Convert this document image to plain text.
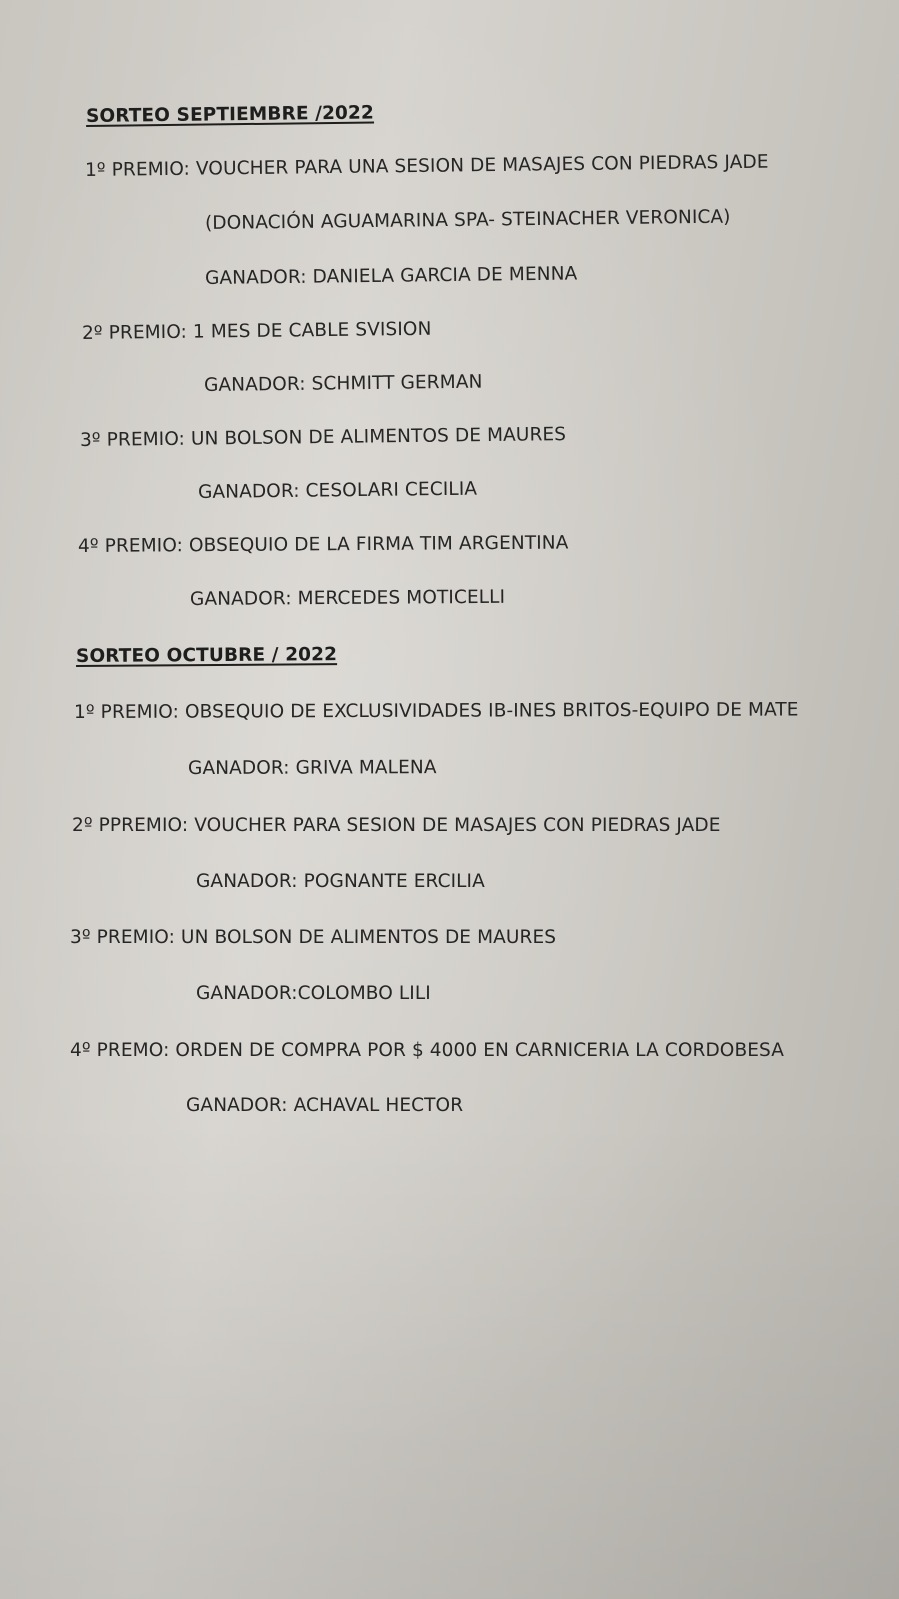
SORTEO SEPTIEMBRE /2022
1º PREMIO: VOUCHER PARA UNA SESION DE MASAJES CON PIEDRAS JADE
(DONACIÓN AGUAMARINA SPA- STEINACHER VERONICA)
GANADOR: DANIELA GARCIA DE MENNA
2º PREMIO: 1 MES DE CABLE SVISION
GANADOR: SCHMITT GERMAN
3º PREMIO: UN BOLSON DE ALIMENTOS DE MAURES
GANADOR: CESOLARI CECILIA
4º PREMIO: OBSEQUIO DE LA FIRMA TIM ARGENTINA
GANADOR: MERCEDES MOTICELLI
SORTEO OCTUBRE / 2022
1º PREMIO: OBSEQUIO DE EXCLUSIVIDADES IB-INES BRITOS-EQUIPO DE MATE
GANADOR: GRIVA MALENA
2º PPREMIO: VOUCHER PARA SESION DE MASAJES CON PIEDRAS JADE
GANADOR: POGNANTE ERCILIA
3º PREMIO: UN BOLSON DE ALIMENTOS DE MAURES
GANADOR:COLOMBO LILI
4º PREMO: ORDEN DE COMPRA POR $ 4000 EN CARNICERIA LA CORDOBESA
GANADOR: ACHAVAL HECTOR
